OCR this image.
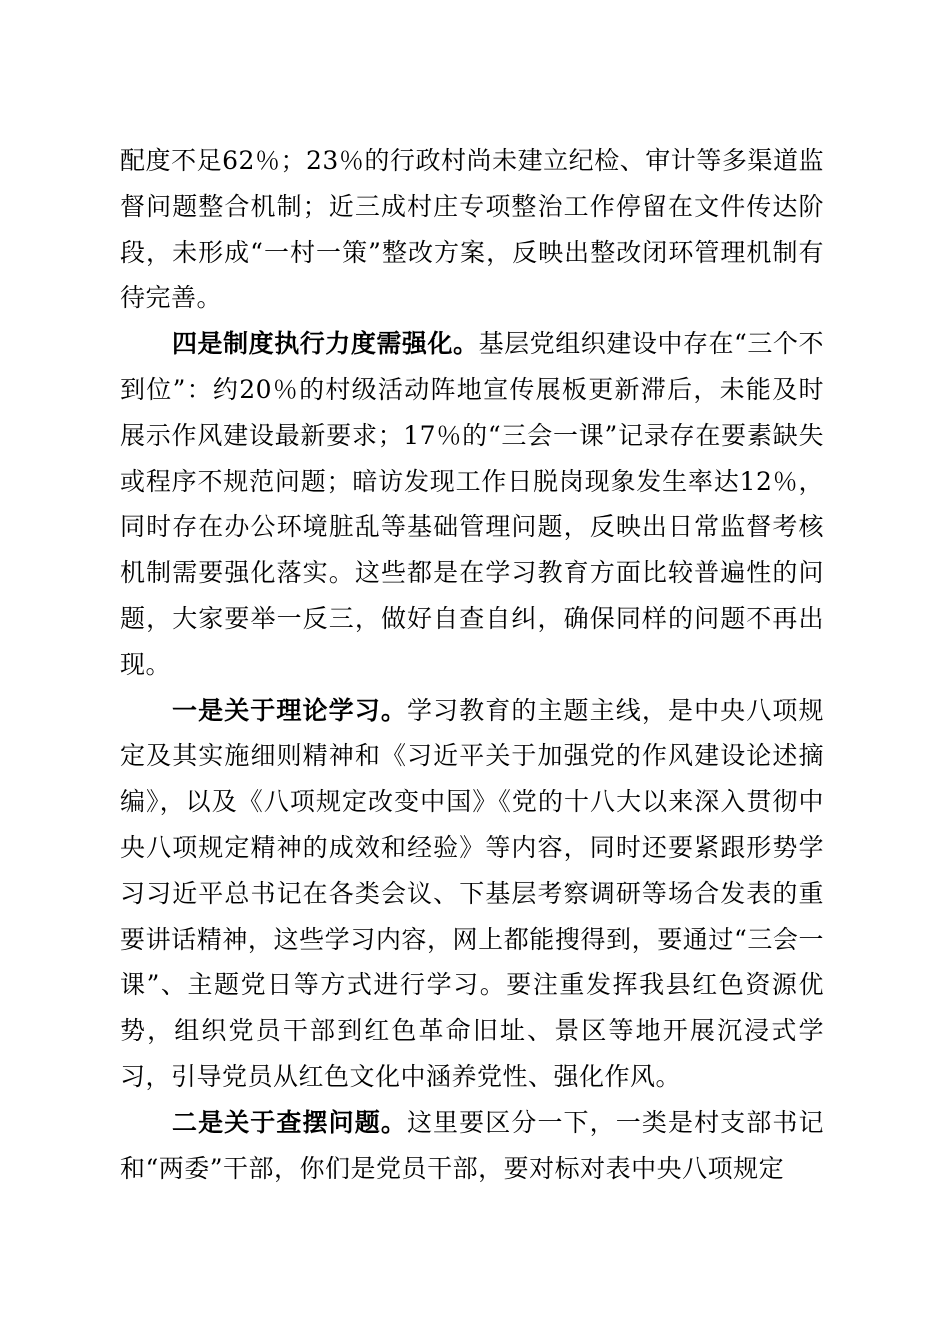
配度不足62％；23％的行政村尚未建立纪检、审计等多渠道监督问题整合机制；近三成村庄专项整治工作停留在文件传达阶段，未形成“一村一策”整改方案，反映出整改闭环管理机制有待完善。

四是制度执行力度需强化。基层党组织建设中存在“三个不到位”：约20％的村级活动阵地宣传展板更新滞后，未能及时展示作风建设最新要求；17％的“三会一课”记录存在要素缺失或程序不规范问题；暗访发现工作日脱岗现象发生率达12％，同时存在办公环境脏乱等基础管理问题，反映出日常监督考核机制需要强化落实。这些都是在学习教育方面比较普遍性的问题，大家要举一反三，做好自查自纠，确保同样的问题不再出现。

一是关于理论学习。学习教育的主题主线，是中央八项规定及其实施细则精神和《习近平关于加强党的作风建设论述摘编》，以及《八项规定改变中国》《党的十八大以来深入贯彻中央八项规定精神的成效和经验》等内容，同时还要紧跟形势学习习近平总书记在各类会议、下基层考察调研等场合发表的重要讲话精神，这些学习内容，网上都能搜得到，要通过“三会一课”、主题党日等方式进行学习。要注重发挥我县红色资源优势，组织党员干部到红色革命旧址、景区等地开展沉浸式学习，引导党员从红色文化中涵养党性、强化作风。

二是关于查摆问题。这里要区分一下，一类是村支部书记和“两委”干部，你们是党员干部，要对标对表中央八项规定
